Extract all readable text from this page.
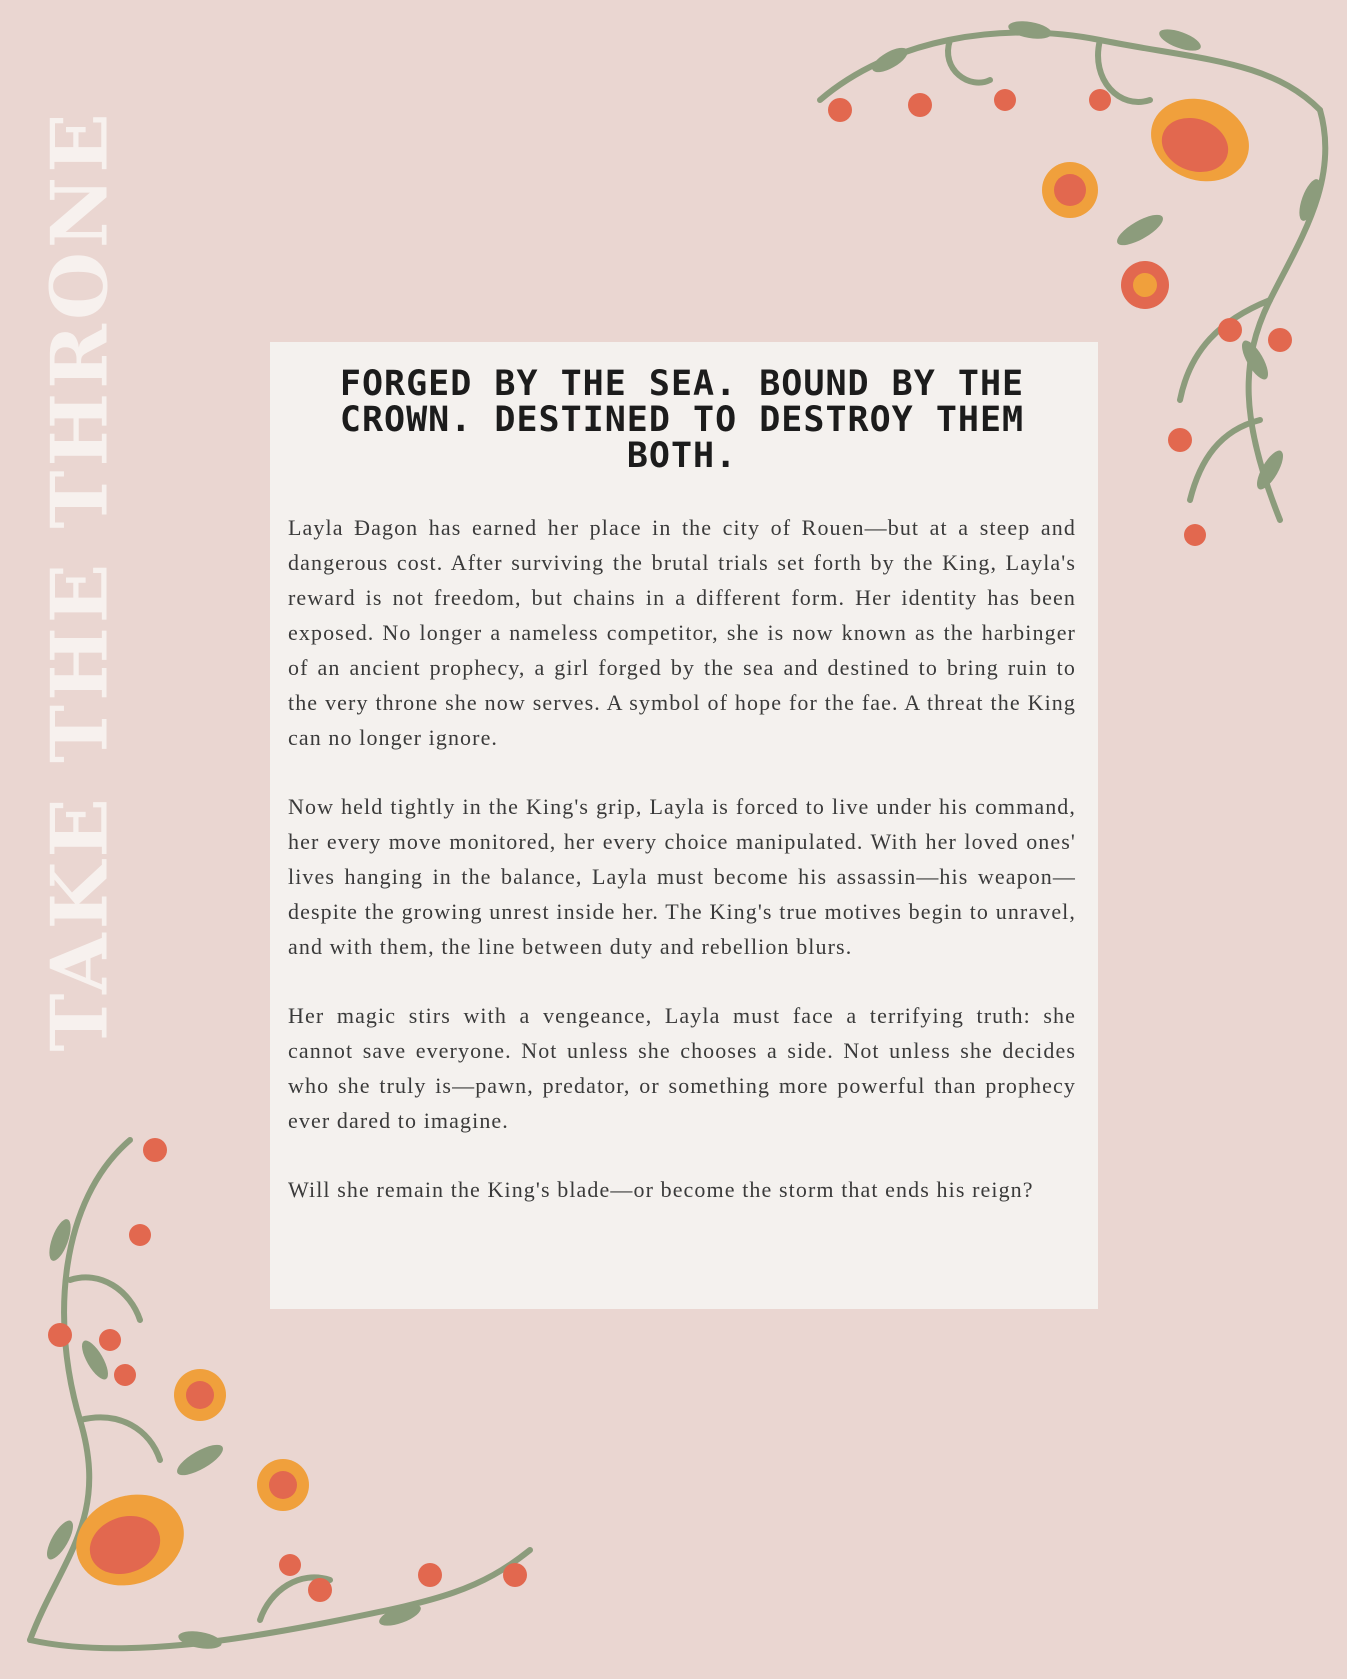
TAKE THE THRONE	FORGED BY THE SEA. BOUND BY THE CROWN. DESTINED TO DESTROY THEM BOTH.

Layla Đagon has earned her place in the city of Rouen—but at a steep and dangerous cost. After surviving the brutal trials set forth by the King, Layla's reward is not freedom, but chains in a different form. Her identity has been exposed. No longer a nameless competitor, she is now known as the harbinger of an ancient prophecy, a girl forged by the sea and destined to bring ruin to the very throne she now serves. A symbol of hope for the fae. A threat the King can no longer ignore.

Now held tightly in the King's grip, Layla is forced to live under his command, her every move monitored, her every choice manipulated. With her loved ones' lives hanging in the balance, Layla must become his assassin—his weapon—despite the growing unrest inside her. The King's true motives begin to unravel, and with them, the line between duty and rebellion blurs.

Her magic stirs with a vengeance, Layla must face a terrifying truth: she cannot save everyone. Not unless she chooses a side. Not unless she decides who she truly is—pawn, predator, or something more powerful than prophecy ever dared to imagine.

Will she remain the King's blade—or become the storm that ends his reign?
